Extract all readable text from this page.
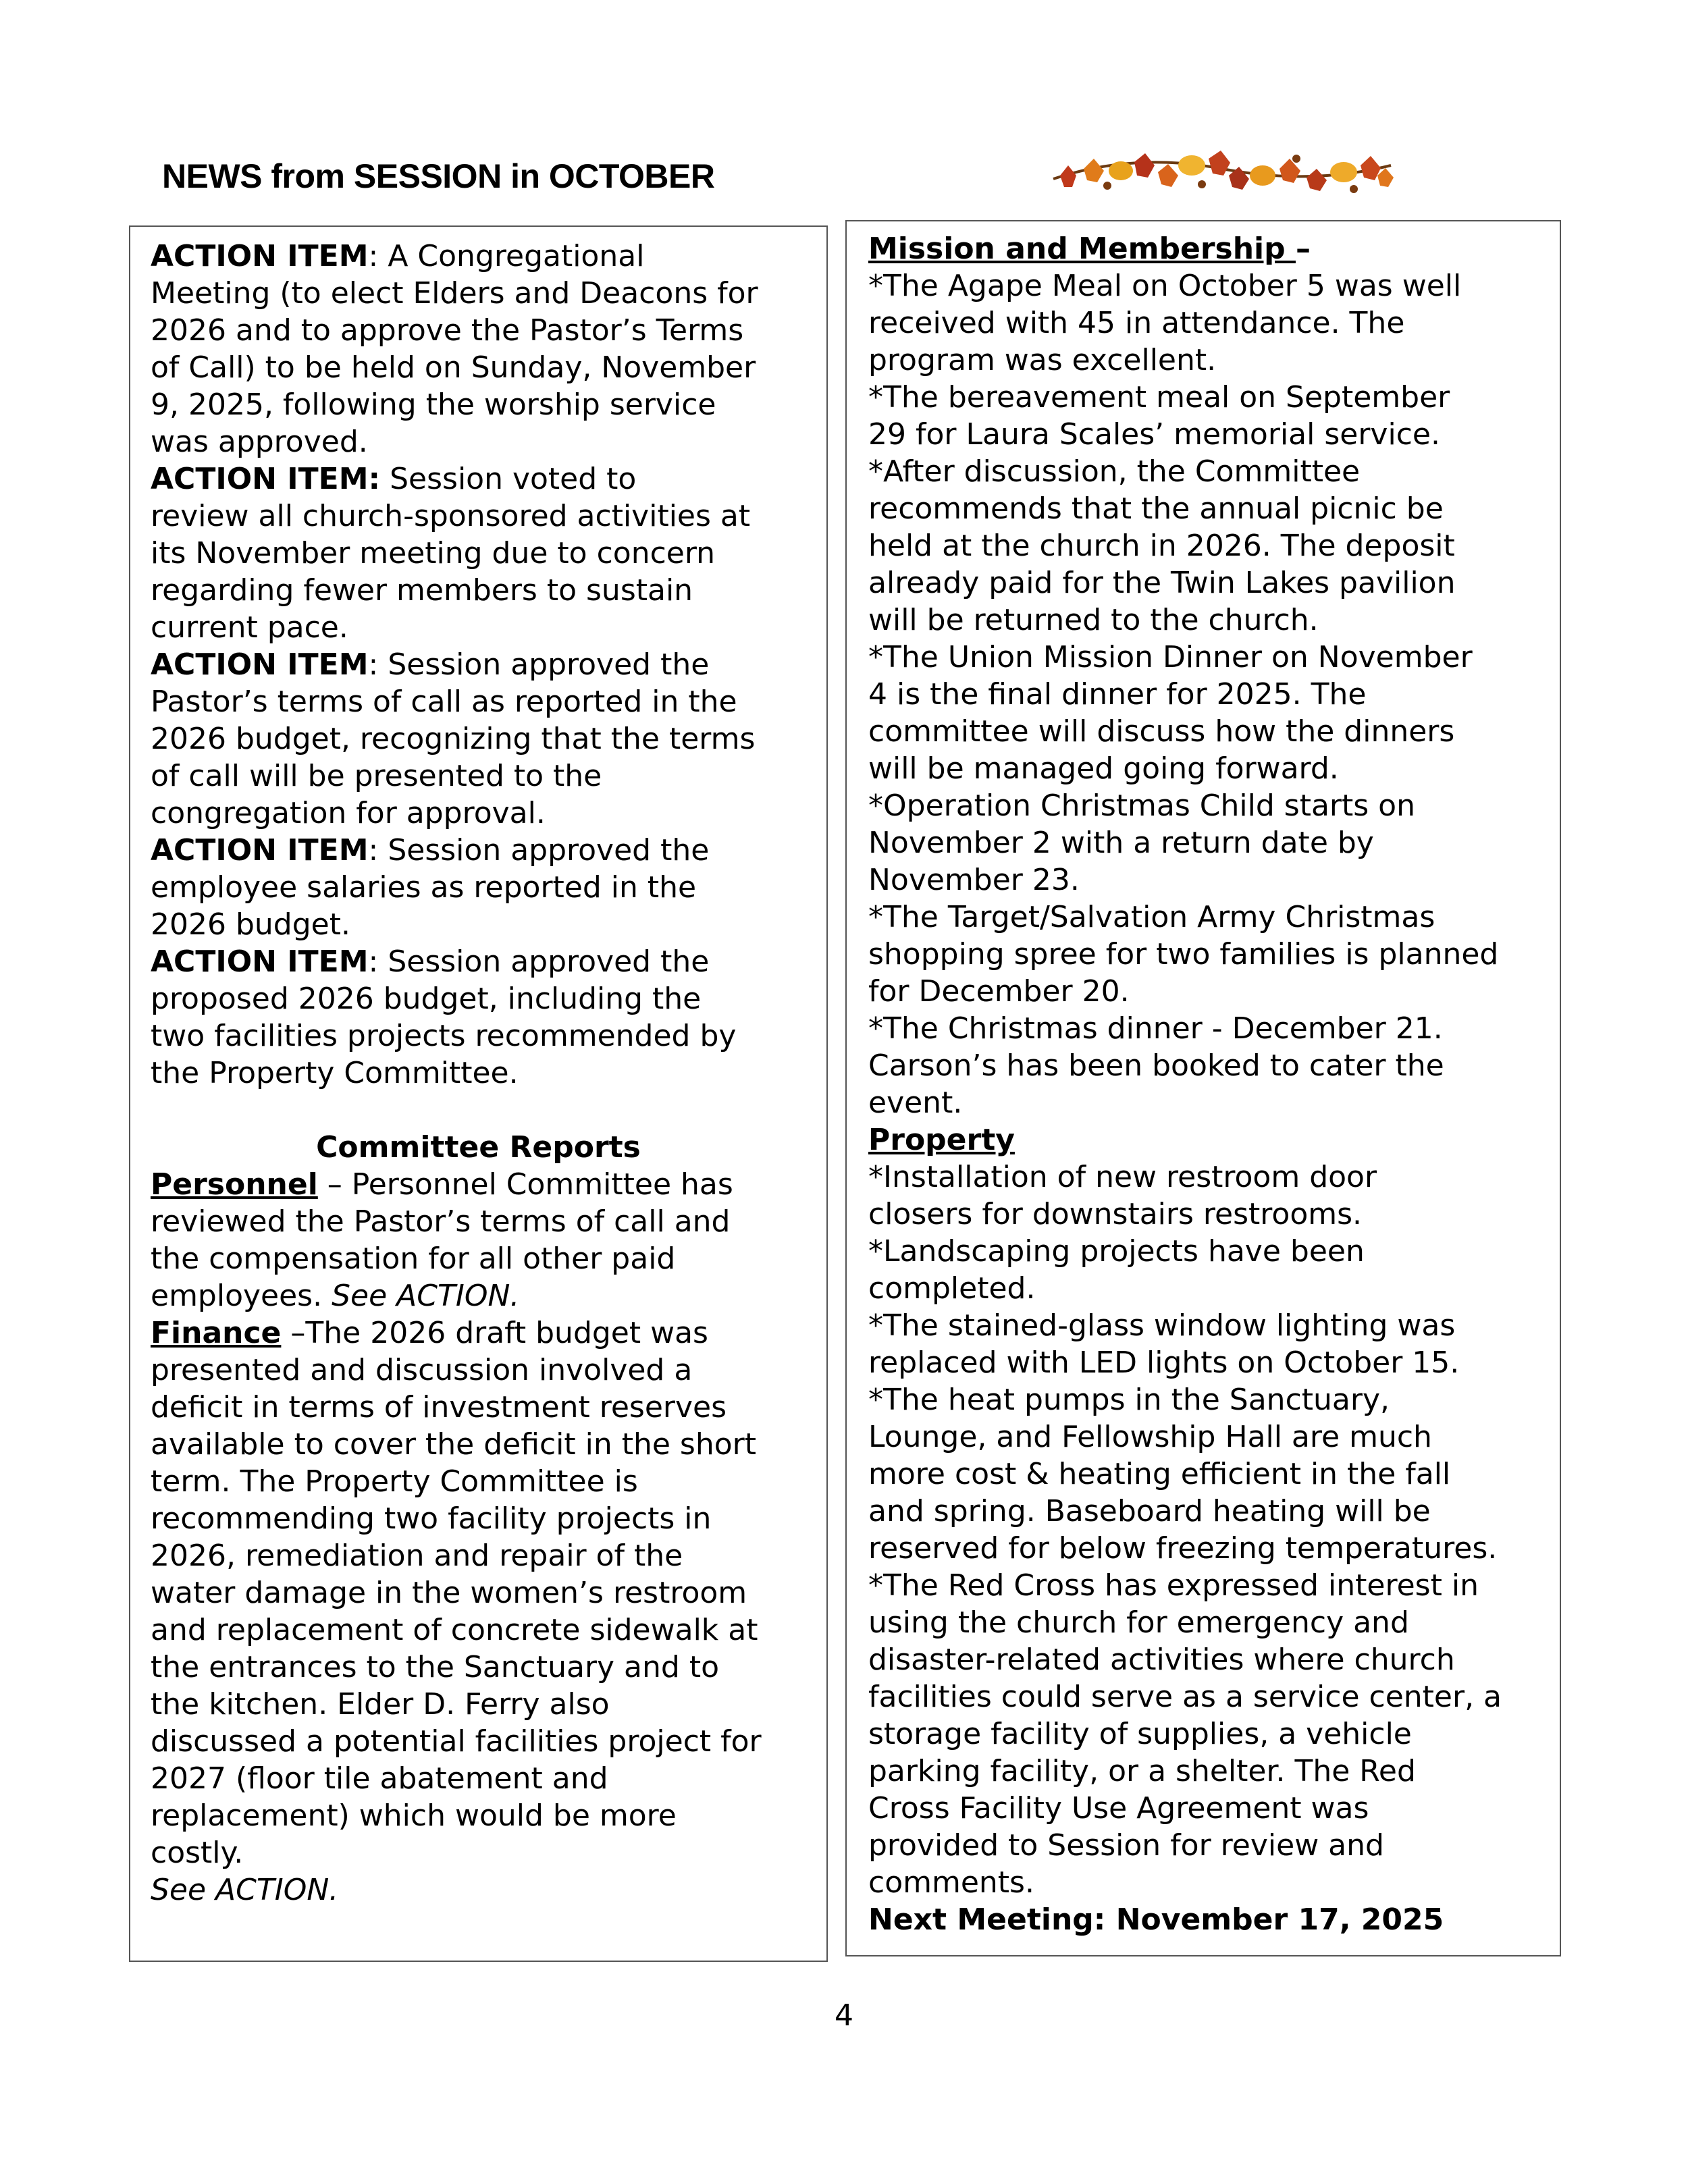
NEWS from SESSION in OCTOBER
ACTION ITEM: A Congregational
Meeting (to elect Elders and Deacons for
2026 and to approve the Pastor’s Terms
of Call) to be held on Sunday, November
9, 2025, following the worship service
was approved.
ACTION ITEM: Session voted to
review all church-sponsored activities at
its November meeting due to concern
regarding fewer members to sustain
current pace.
ACTION ITEM: Session approved the
Pastor’s terms of call as reported in the
2026 budget, recognizing that the terms
of call will be presented to the
congregation for approval.
ACTION ITEM: Session approved the
employee salaries as reported in the
2026 budget.
ACTION ITEM: Session approved the
proposed 2026 budget, including the
two facilities projects recommended by
the Property Committee.
Committee Reports
Personnel – Personnel Committee has
reviewed the Pastor’s terms of call and
the compensation for all other paid
employees. See ACTION.
Finance –The 2026 draft budget was
presented and discussion involved a
deficit in terms of investment reserves
available to cover the deficit in the short
term. The Property Committee is
recommending two facility projects in
2026, remediation and repair of the
water damage in the women’s restroom
and replacement of concrete sidewalk at
the entrances to the Sanctuary and to
the kitchen. Elder D. Ferry also
discussed a potential facilities project for
2027 (floor tile abatement and
replacement) which would be more
costly.
See ACTION.
Mission and Membership –
*The Agape Meal on October 5 was well
received with 45 in attendance. The
program was excellent.
*The bereavement meal on September
29 for Laura Scales’ memorial service.
*After discussion, the Committee
recommends that the annual picnic be
held at the church in 2026. The deposit
already paid for the Twin Lakes pavilion
will be returned to the church.
*The Union Mission Dinner on November
4 is the final dinner for 2025. The
committee will discuss how the dinners
will be managed going forward.
*Operation Christmas Child starts on
November 2 with a return date by
November 23.
*The Target/Salvation Army Christmas
shopping spree for two families is planned
for December 20.
*The Christmas dinner - December 21.
Carson’s has been booked to cater the
event.
Property
*Installation of new restroom door
closers for downstairs restrooms.
*Landscaping projects have been
completed.
*The stained-glass window lighting was
replaced with LED lights on October 15.
*The heat pumps in the Sanctuary,
Lounge, and Fellowship Hall are much
more cost & heating efficient in the fall
and spring. Baseboard heating will be
reserved for below freezing temperatures.
*The Red Cross has expressed interest in
using the church for emergency and
disaster-related activities where church
facilities could serve as a service center, a
storage facility of supplies, a vehicle
parking facility, or a shelter. The Red
Cross Facility Use Agreement was
provided to Session for review and
comments.
Next Meeting: November 17, 2025
4
